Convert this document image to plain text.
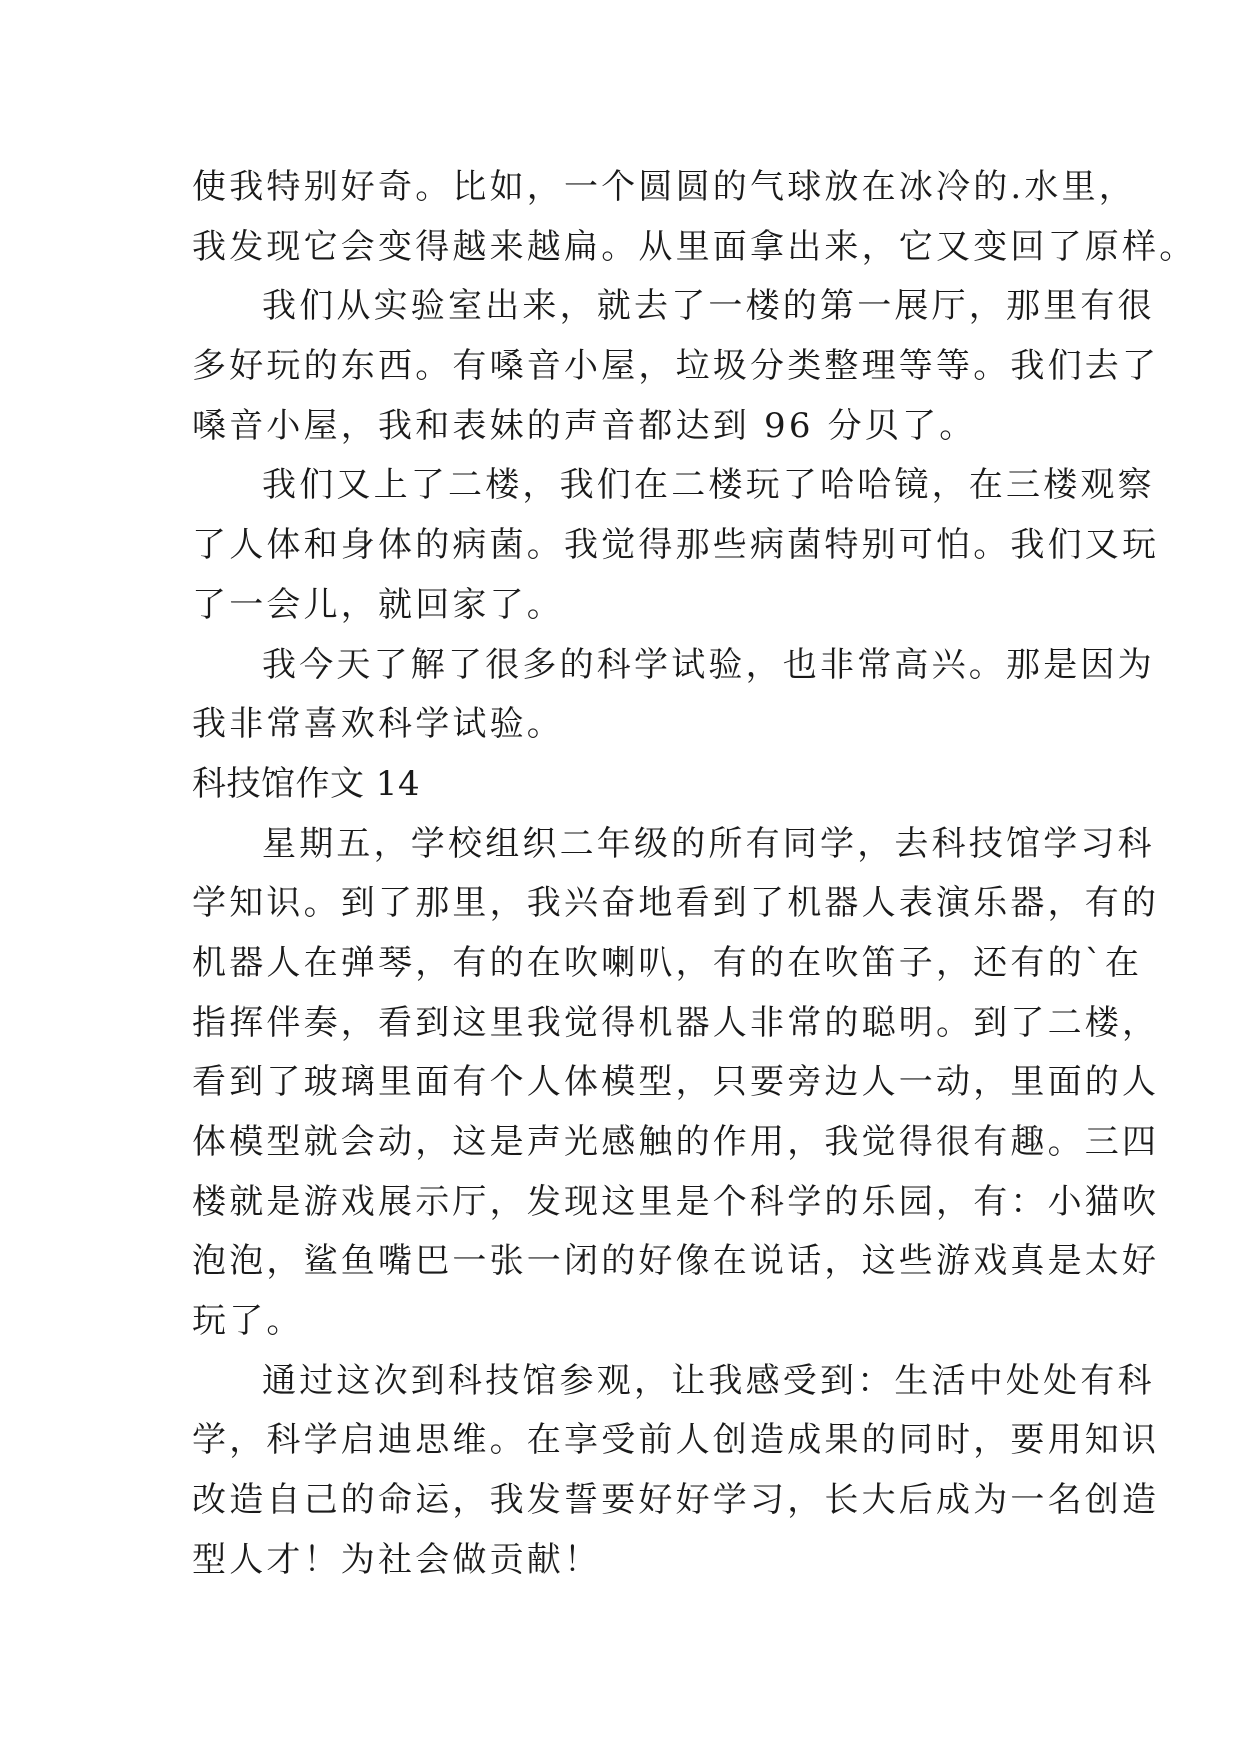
使我特别好奇。比如，一个圆圆的气球放在冰冷的.水里，
我发现它会变得越来越扁。从里面拿出来，它又变回了原样。
我们从实验室出来，就去了一楼的第一展厅，那里有很
多好玩的东西。有嗓音小屋，垃圾分类整理等等。我们去了
嗓音小屋，我和表妹的声音都达到 96 分贝了。
我们又上了二楼，我们在二楼玩了哈哈镜，在三楼观察
了人体和身体的病菌。我觉得那些病菌特别可怕。我们又玩
了一会儿，就回家了。
我今天了解了很多的科学试验，也非常高兴。那是因为
我非常喜欢科学试验。
科技馆作文 14
星期五，学校组织二年级的所有同学，去科技馆学习科
学知识。到了那里，我兴奋地看到了机器人表演乐器，有的
机器人在弹琴，有的在吹喇叭，有的在吹笛子，还有的`在
指挥伴奏，看到这里我觉得机器人非常的聪明。到了二楼，
看到了玻璃里面有个人体模型，只要旁边人一动，里面的人
体模型就会动，这是声光感触的作用，我觉得很有趣。三四
楼就是游戏展示厅，发现这里是个科学的乐园，有：小猫吹
泡泡，鲨鱼嘴巴一张一闭的好像在说话，这些游戏真是太好
玩了。
通过这次到科技馆参观，让我感受到：生活中处处有科
学，科学启迪思维。在享受前人创造成果的同时，要用知识
改造自己的命运，我发誓要好好学习，长大后成为一名创造
型人才！为社会做贡献！
